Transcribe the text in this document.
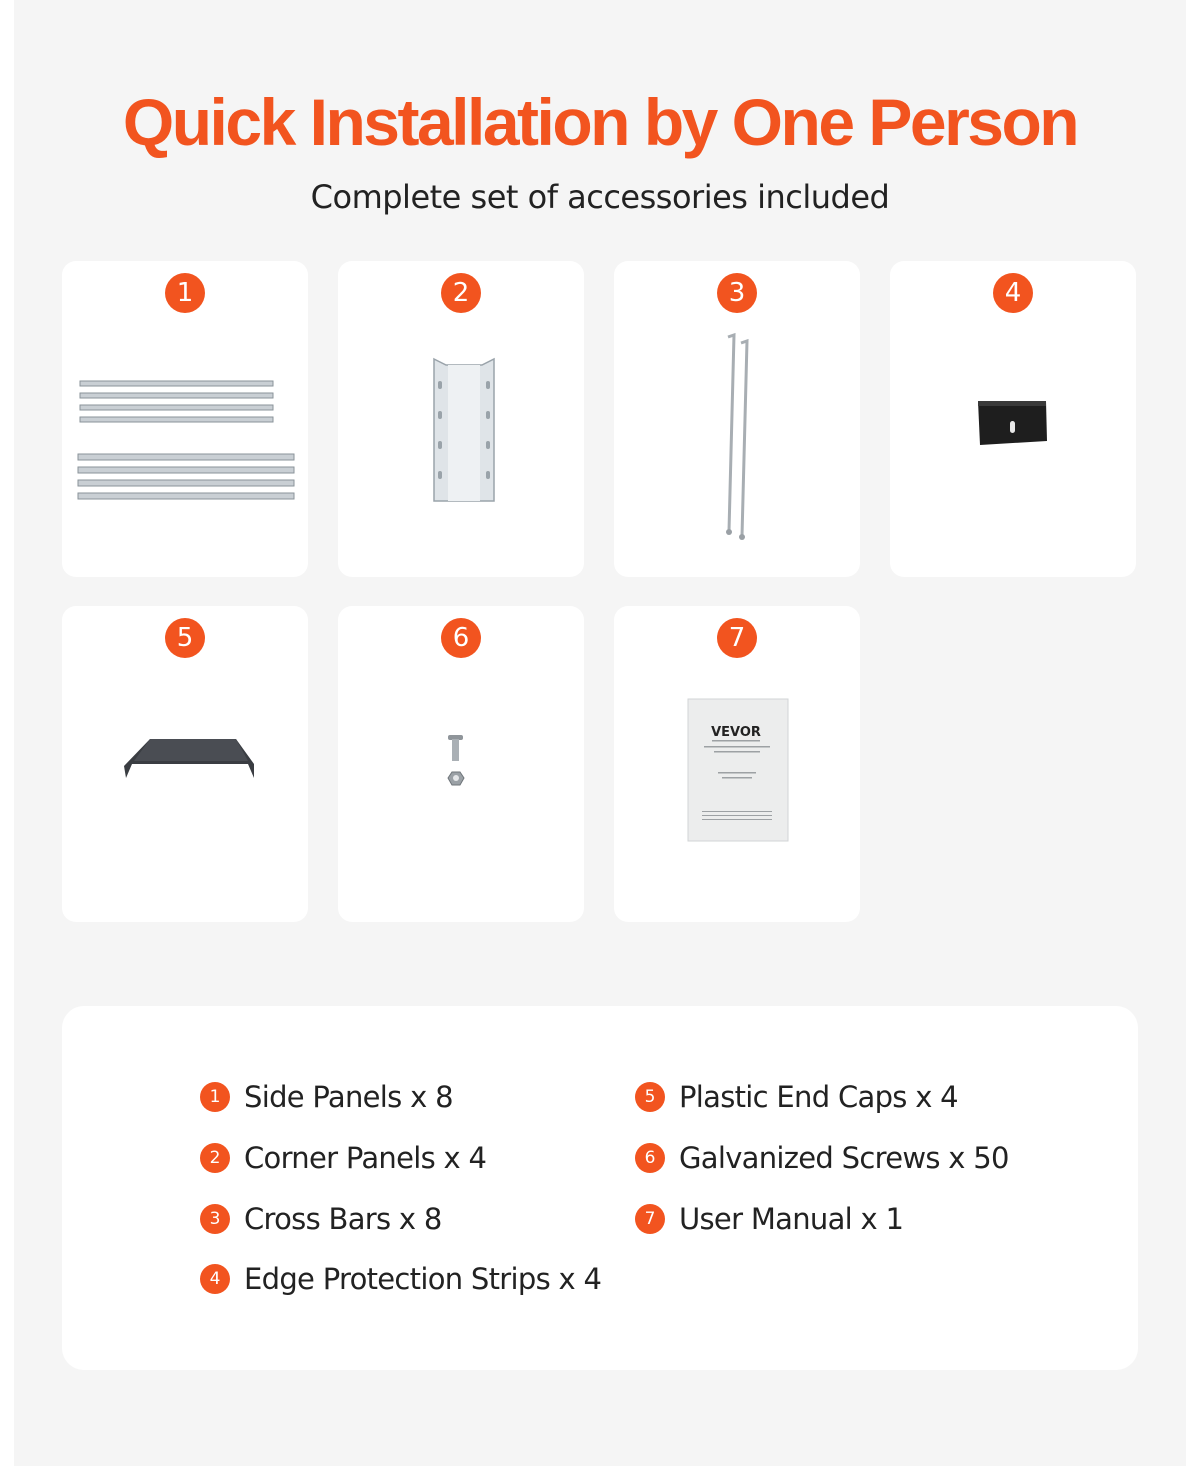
Quick Installation by One Person
Complete set of accessories included
1	2	3	4
5	6
VEVOR
7
1 Side Panels x 8
2 Corner Panels x 4
3 Cross Bars x 8
4 Edge Protection Strips x 4
5 Plastic End Caps x 4
6 Galvanized Screws x 50
7 User Manual x 1
